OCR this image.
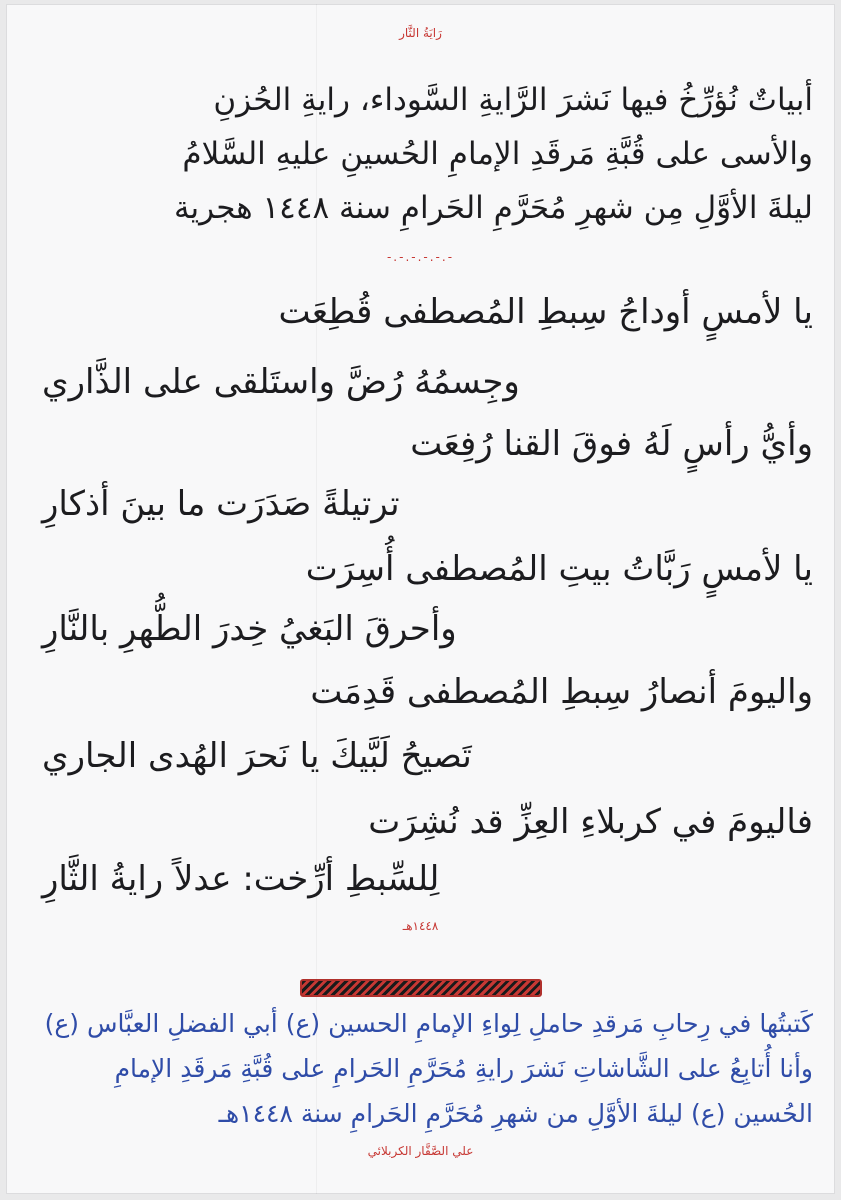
رَايَةُ الثَّار
أبياتٌ نُؤرِّخُ فيها نَشرَ الرَّايةِ السَّوداء، رايةِ الحُزنِ
والأسى على قُبَّةِ مَرقَدِ الإمامِ الحُسينِ عليهِ السَّلامُ
ليلةَ الأوَّلِ مِن شهرِ مُحَرَّمِ الحَرامِ سنة ١٤٤٨ هجرية
-.-.-.-.-.-
يا لأمسٍ أوداجُ سِبطِ المُصطفى قُطِعَت
وجِسمُهُ رُضَّ واستَلقى على الذَّاري
وأيُّ رأسٍ لَهُ فوقَ القنا رُفِعَت
ترتيلةً صَدَرَت ما بينَ أذكارِ
يا لأمسٍ رَبَّاتُ بيتِ المُصطفى أُسِرَت
وأحرقَ البَغيُ خِدرَ الطُّهرِ بالنَّارِ
واليومَ أنصارُ سِبطِ المُصطفى قَدِمَت
تَصيحُ لَبَّيكَ يا نَحرَ الهُدى الجاري
فاليومَ في كربلاءِ العِزِّ قد نُشِرَت
لِلسِّبطِ أرِّخت: عدلاً رايةُ الثَّارِ
١٤٤٨هـ
كَتبتُها في رِحابِ مَرقدِ حاملِ لِواءِ الإمامِ الحسين (ع) أبي الفضلِ العبَّاس (ع)
وأنا أُتابِعُ على الشَّاشاتِ نَشرَ رايةِ مُحَرَّمِ الحَرامِ على قُبَّةِ مَرقَدِ الإمامِ
الحُسين (ع) ليلةَ الأوَّلِ من شهرِ مُحَرَّمِ الحَرامِ سنة ١٤٤٨هـ
علي الصَّفَّار الكربلائي
